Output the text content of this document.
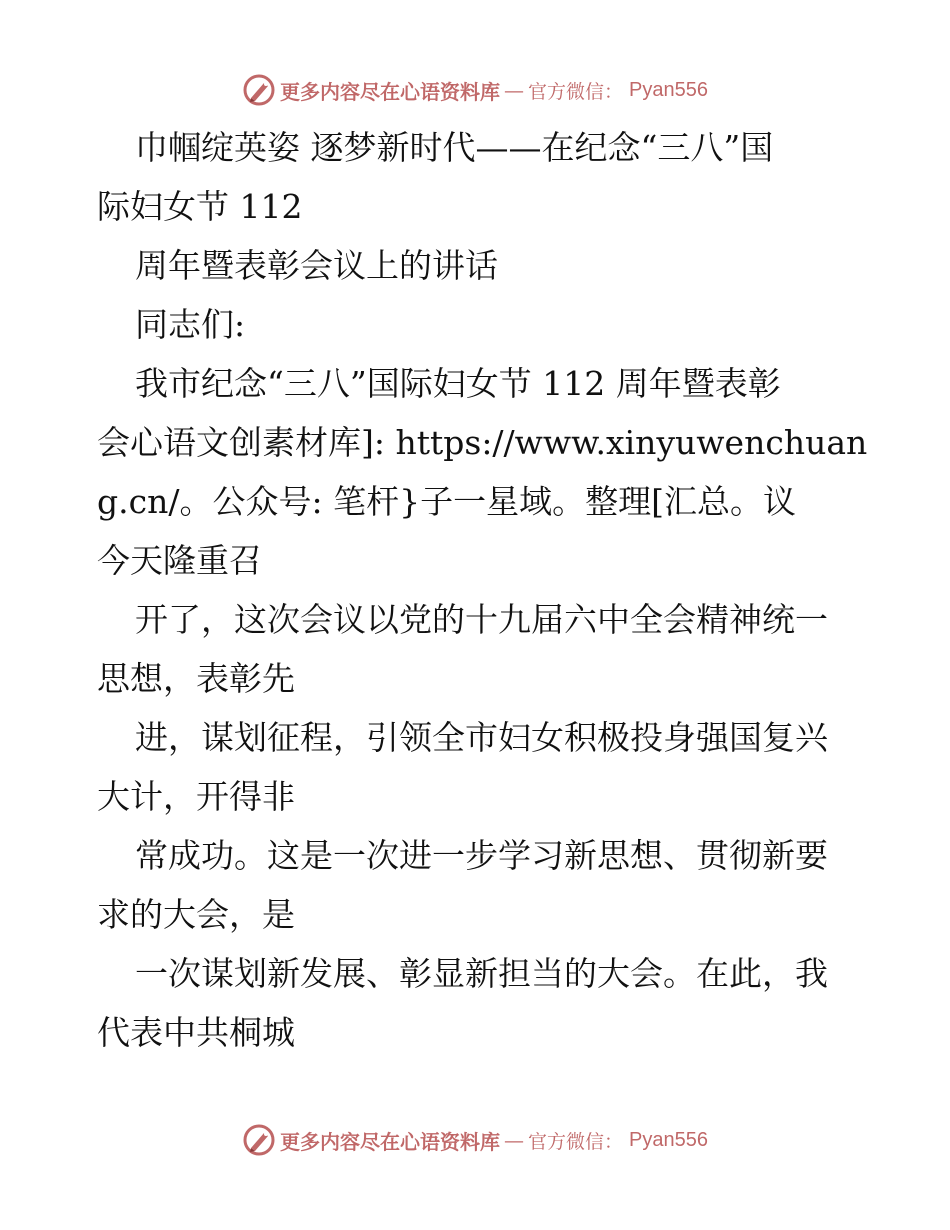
更多内容尽在心语资料库 — 官方微信： Pyan556
巾帼绽英姿 逐梦新时代——在纪念“三八”国
际妇女节 112
周年暨表彰会议上的讲话
同志们:
我市纪念“三八”国际妇女节 112 周年暨表彰
会心语文创素材库]: https://www.xinyuwenchuan
g.cn/。公众号: 笔杆}子一星域。整理[汇总。议
今天隆重召
开了，这次会议以党的十九届六中全会精神统一
思想，表彰先
进，谋划征程，引领全市妇女积极投身强国复兴
大计，开得非
常成功。这是一次进一步学习新思想、贯彻新要
求的大会，是
一次谋划新发展、彰显新担当的大会。在此，我
代表中共桐城
更多内容尽在心语资料库 — 官方微信： Pyan556
